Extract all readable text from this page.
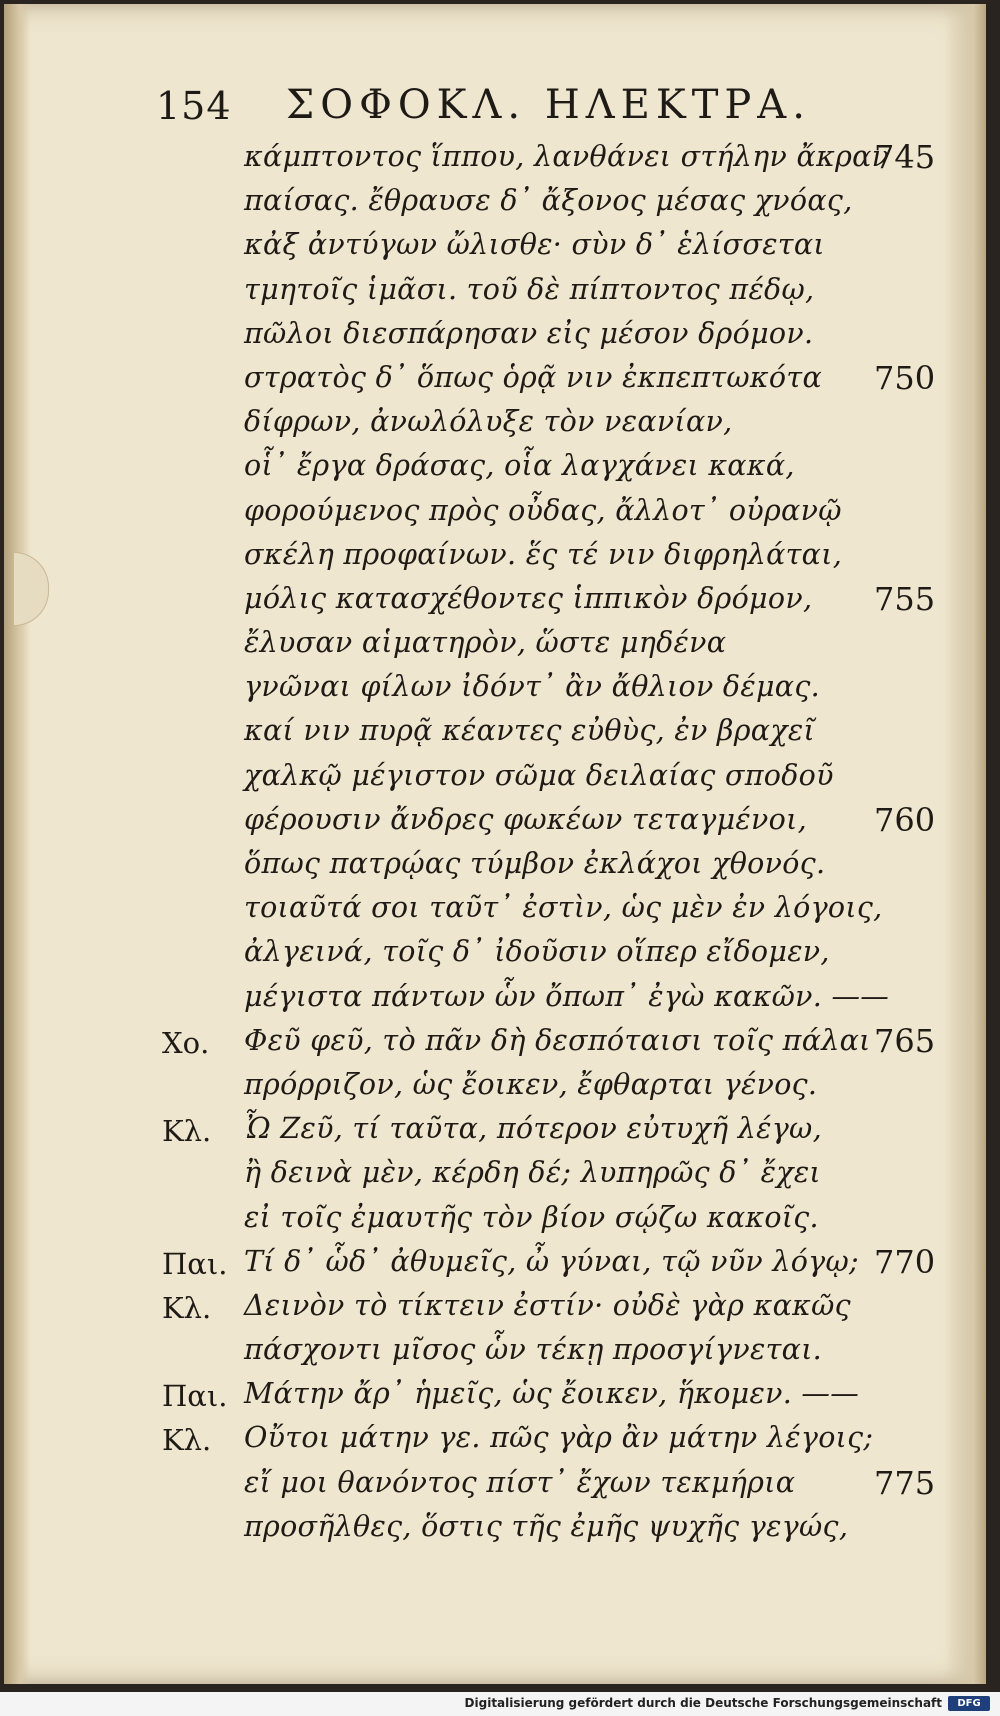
154 ΣΟΦΟΚΛ. ΗΛΕΚΤΡΑ.
κάμπτοντος ἵππου, λανθάνει στήλην ἄκραν
745
παίσας. ἔθραυσε δ᾽ ἄξονος μέσας χνόας,
κἀξ ἀντύγων ὤλισθε· σὺν δ᾽ ἑλίσσεται
τμητοῖς ἱμᾶσι. τοῦ δὲ πίπτοντος πέδῳ,
πῶλοι διεσπάρησαν εἰς μέσον δρόμον.
στρατὸς δ᾽ ὅπως ὁρᾷ νιν ἐκπεπτωκότα 750
δίφρων, ἀνωλόλυξε τὸν νεανίαν,
οἷ᾽ ἔργα δράσας, οἷα λαγχάνει κακά,
φορούμενος πρὸς οὖδας, ἄλλοτ᾽ οὐρανῷ
σκέλη προφαίνων. ἕς τέ νιν διφρηλάται,
μόλις κατασχέθοντες ἱππικὸν δρόμον, 755
ἔλυσαν αἱματηρὸν, ὥστε μηδένα
γνῶναι φίλων ἰδόντ᾽ ἂν ἄθλιον δέμας.
καί νιν πυρᾷ κέαντες εὐθὺς, ἐν βραχεῖ
χαλκῷ μέγιστον σῶμα δειλαίας σποδοῦ
φέρουσιν ἄνδρες φωκέων τεταγμένοι, 760
ὅπως πατρῴας τύμβον ἐκλάχοι χθονός.
τοιαῦτά σοι ταῦτ᾽ ἐστὶν, ὡς μὲν ἐν λόγοις,
ἀλγεινά, τοῖς δ᾽ ἰδοῦσιν οἵπερ εἴδομεν,
μέγιστα πάντων ὧν ὄπωπ᾽ ἐγὼ κακῶν. ——
Χο. Φεῦ φεῦ, τὸ πᾶν δὴ δεσπόταισι τοῖς πάλαι 765
πρόρριζον, ὡς ἔοικεν, ἔφθαρται γένος.
Κλ. Ὦ Ζεῦ, τί ταῦτα, πότερον εὐτυχῆ λέγω,
ἢ δεινὰ μὲν, κέρδη δέ; λυπηρῶς δ᾽ ἔχει
εἰ τοῖς ἐμαυτῆς τὸν βίον σῴζω κακοῖς.
Παι. Τί δ᾽ ὧδ᾽ ἀθυμεῖς, ὦ γύναι, τῷ νῦν λόγῳ; 770
Κλ. Δεινὸν τὸ τίκτειν ἐστίν· οὐδὲ γὰρ κακῶς
πάσχοντι μῖσος ὧν τέκῃ προσγίγνεται.
Παι. Μάτην ἄρ᾽ ἡμεῖς, ὡς ἔοικεν, ἥκομεν. ——
Κλ. Οὔτοι μάτην γε. πῶς γὰρ ἂν μάτην λέγοις;
εἴ μοι θανόντος πίστ᾽ ἔχων τεκμήρια 775
προσῆλθες, ὅστις τῆς ἐμῆς ψυχῆς γεγώς,
Digitalisierung gefördert durch die Deutsche Forschungsgemeinschaft	DFG
